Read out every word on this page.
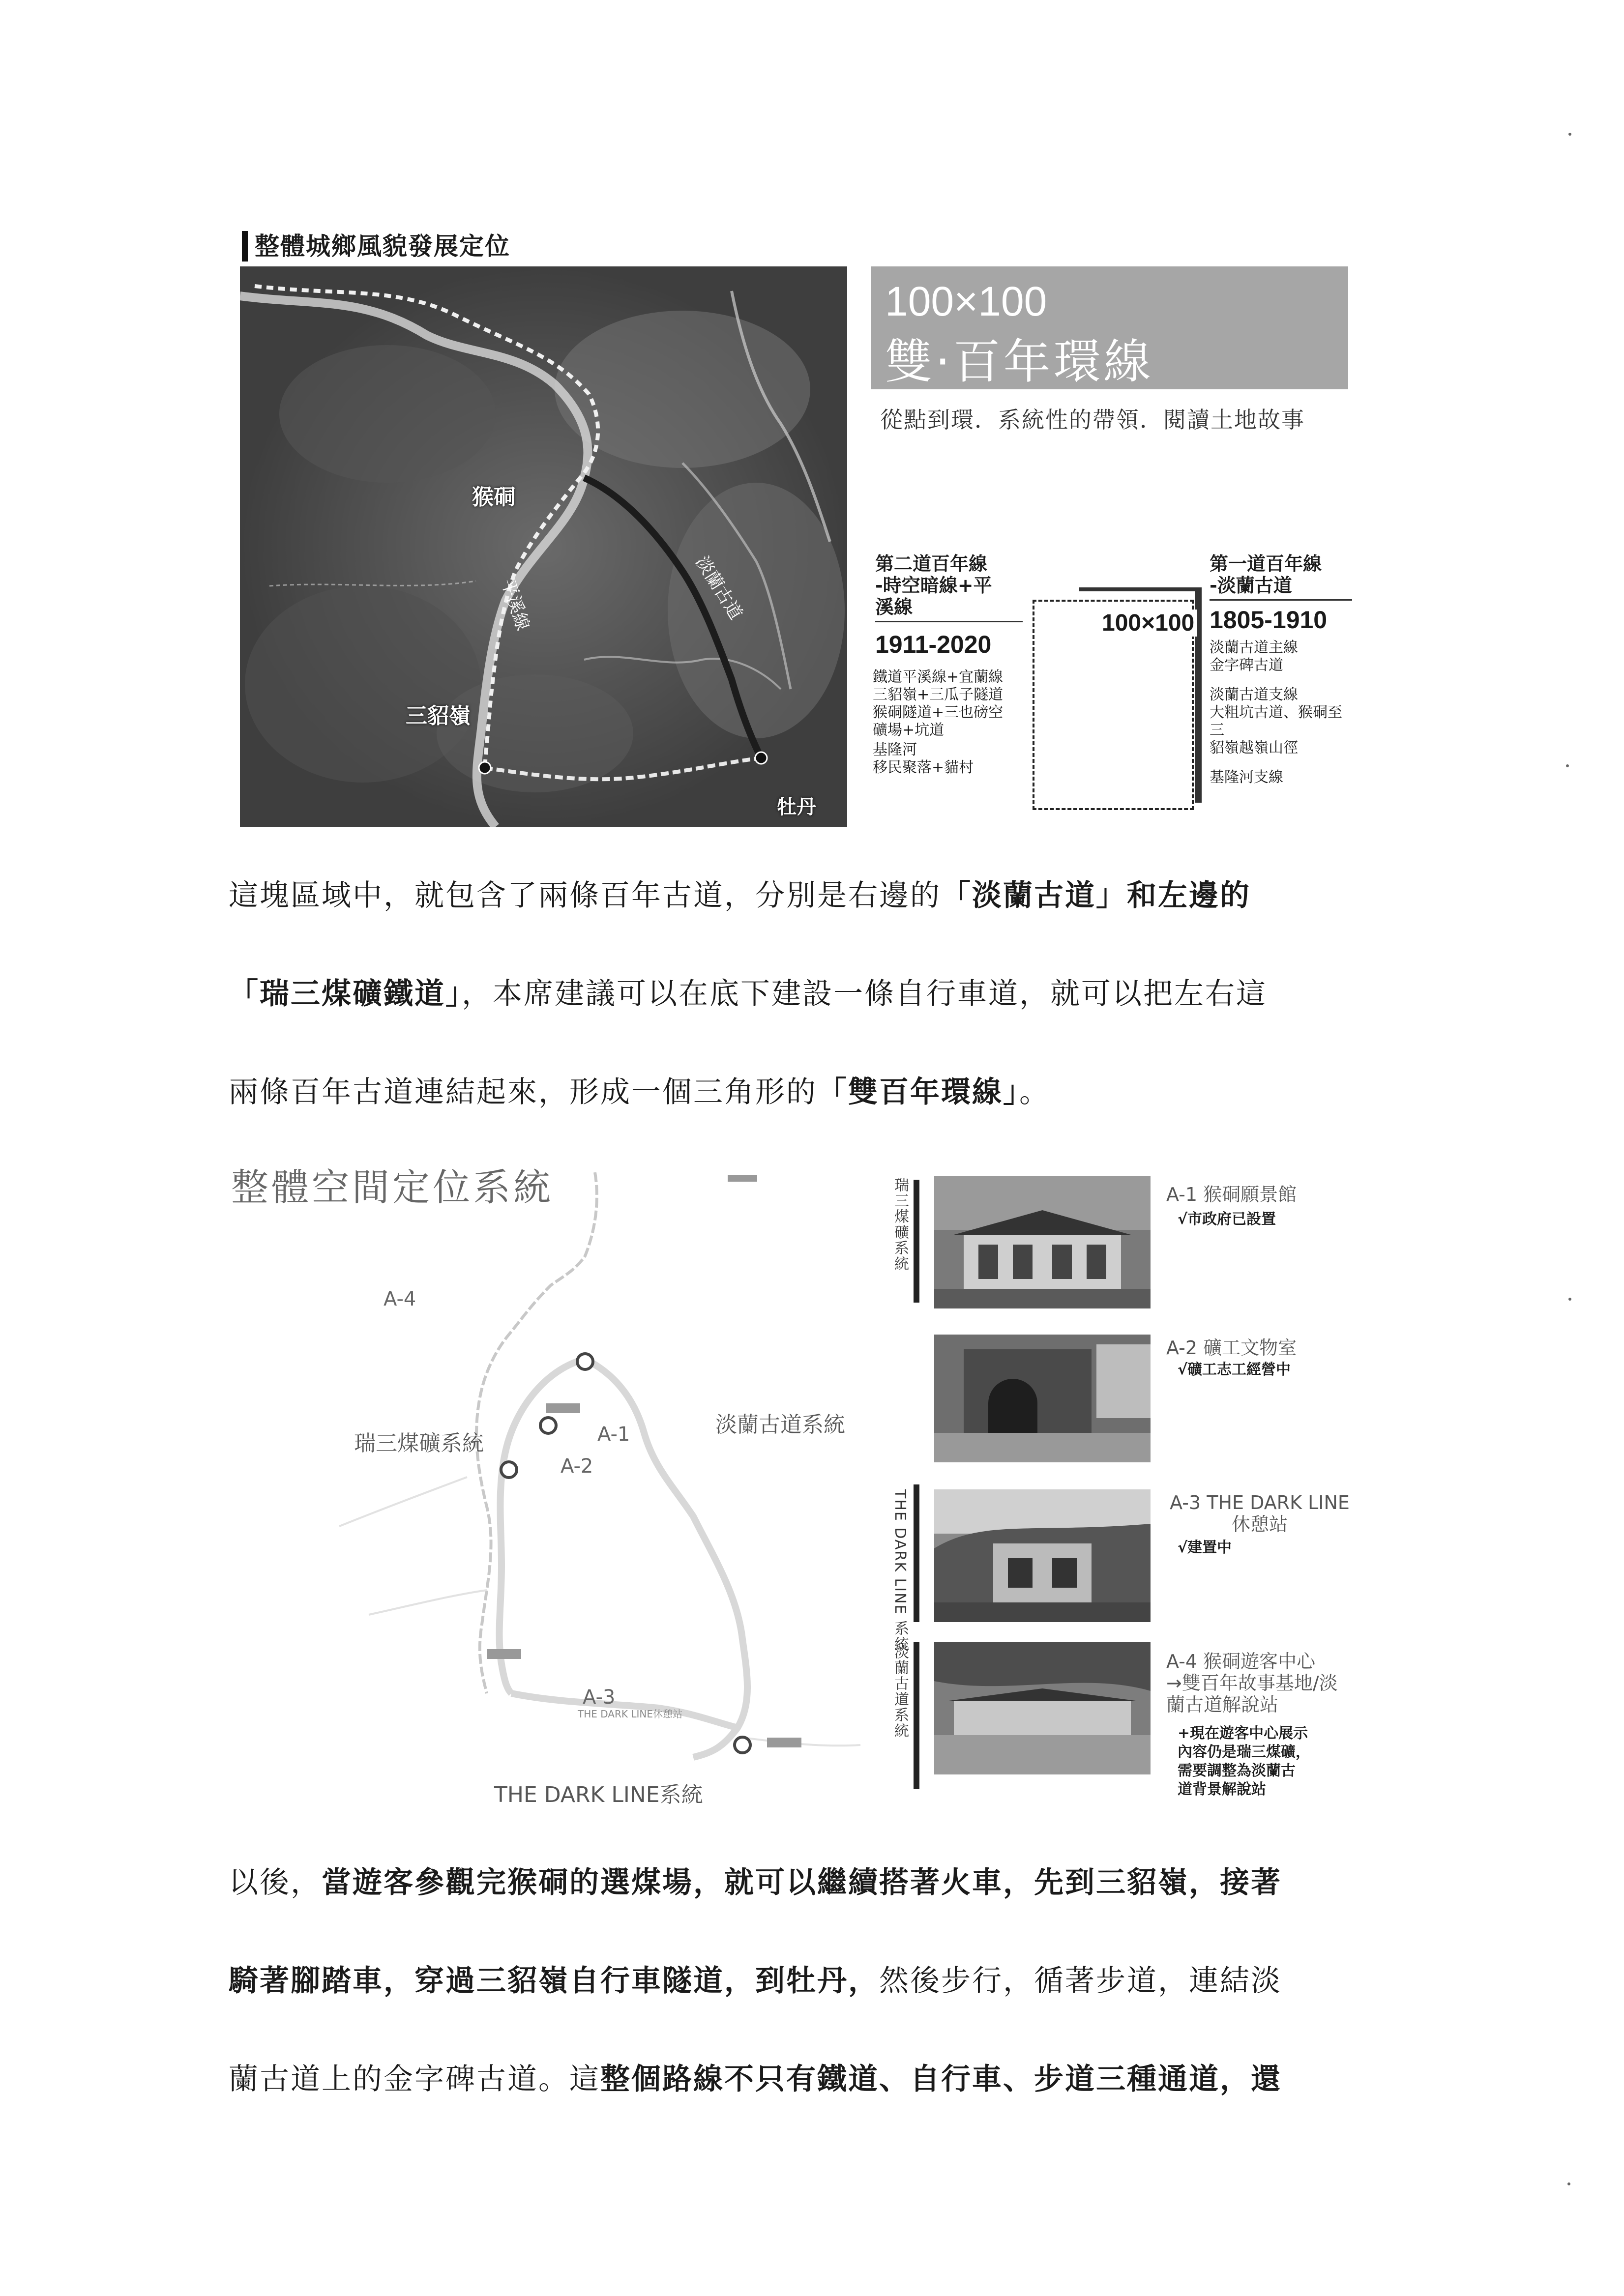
整體城鄉風貌發展定位
猴硐
三貂嶺
牡丹
平溪線	淡蘭古道
100×100
雙·百年環線
從點到環．系統性的帶領．閱讀土地故事
100×100
第二道百年線
-時空暗線+平
溪線
1911-2020
鐵道平溪線+宜蘭線
三貂嶺+三瓜子隧道
猴硐隧道+三也磅空
礦場+坑道
基隆河
移民聚落+貓村
第一道百年線
-淡蘭古道
1805-1910
淡蘭古道主線
金字碑古道
淡蘭古道支線
大粗坑古道、猴硐至三
貂嶺越嶺山徑
基隆河支線
這塊區域中，就包含了兩條百年古道，分別是右邊的「淡蘭古道」和左邊的
「瑞三煤礦鐵道」，本席建議可以在底下建設一條自行車道，就可以把左右這
兩條百年古道連結起來，形成一個三角形的「雙百年環線」。
整體空間定位系統
A-4
A-1
A-2
A-3
THE DARK LINE休憩站
瑞三煤礦系統
淡蘭古道系統
THE DARK LINE系統
瑞三煤礦系統
THE DARK LINE 系統
淡蘭古道系統
A-1 猴硐願景館
√市政府已設置
A-2 礦工文物室
√礦工志工經營中
A-3 THE DARK LINE
休憩站
√建置中
A-4 猴硐遊客中心
→雙百年故事基地/淡
蘭古道解說站
+現在遊客中心展示
內容仍是瑞三煤礦，
需要調整為淡蘭古
道背景解說站
以後，當遊客參觀完猴硐的選煤場，就可以繼續搭著火車，先到三貂嶺，接著
騎著腳踏車，穿過三貂嶺自行車隧道，到牡丹，然後步行，循著步道，連結淡
蘭古道上的金字碑古道。這整個路線不只有鐵道、自行車、步道三種通道，還
